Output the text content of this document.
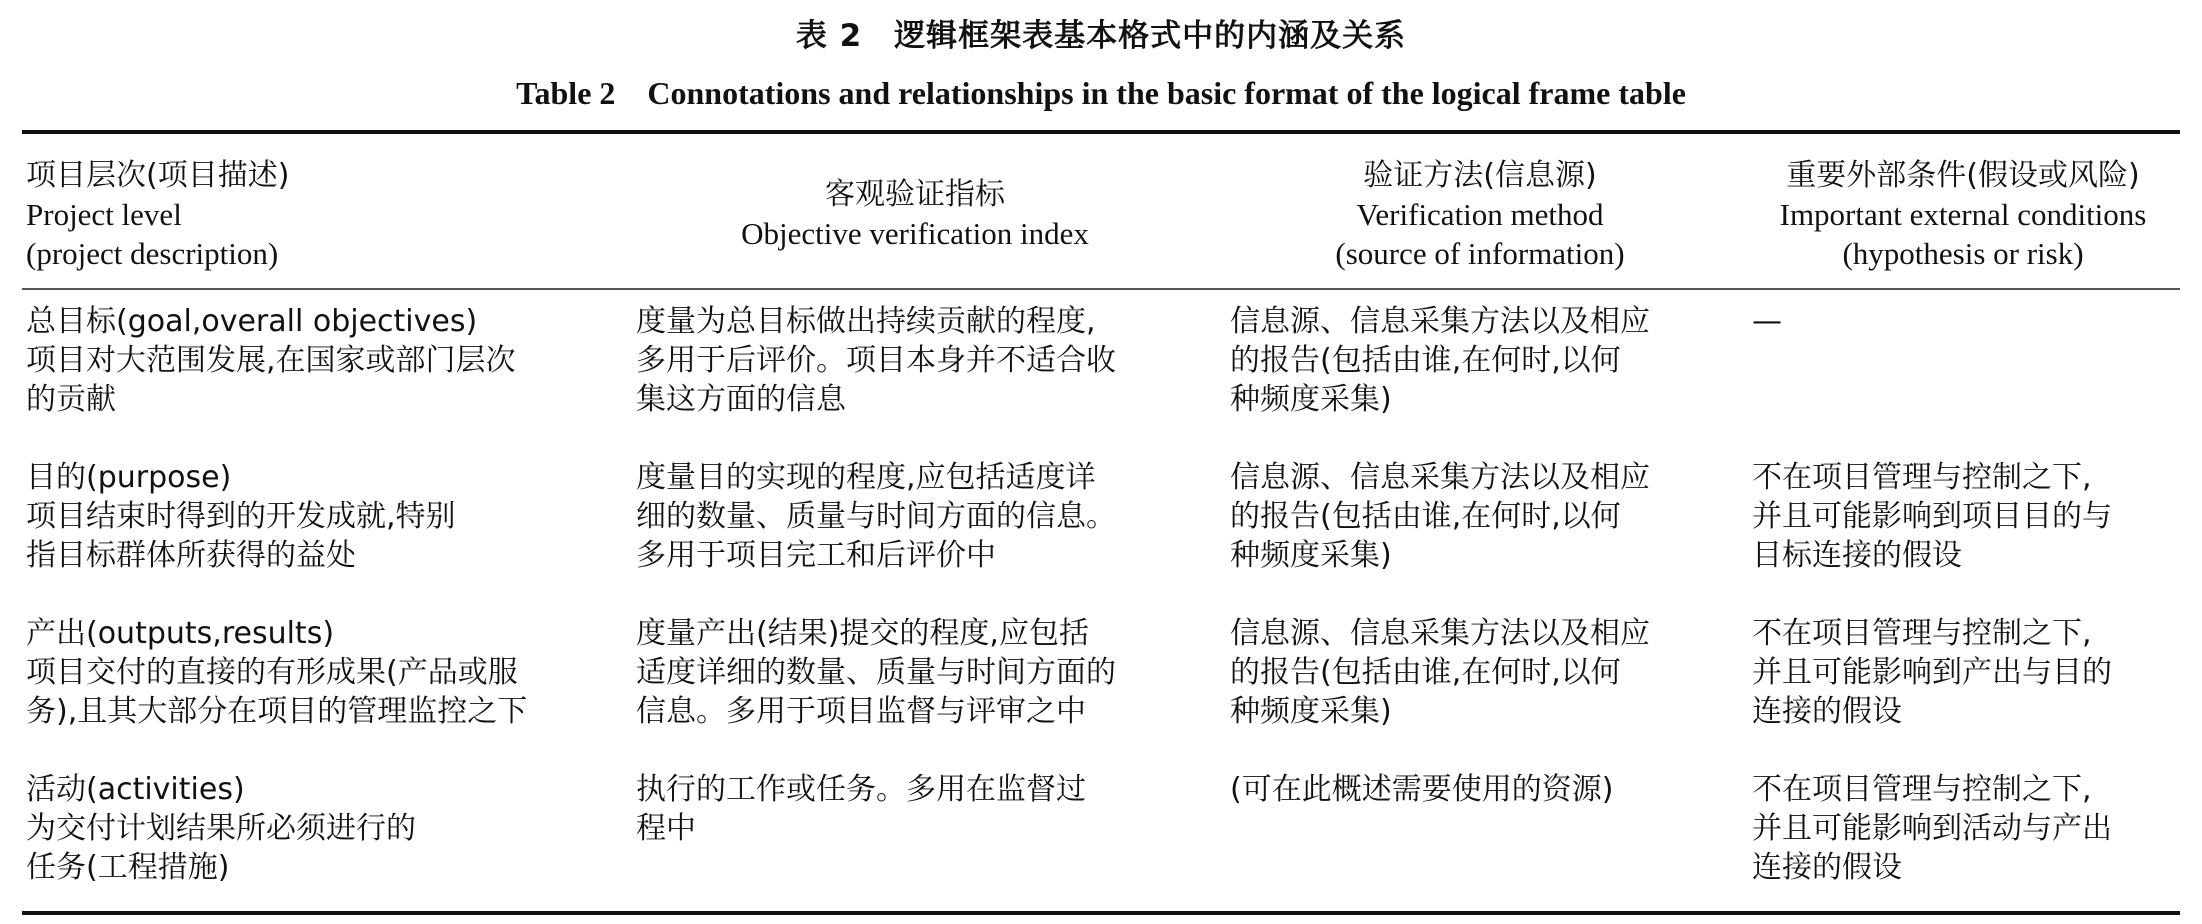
表 2　逻辑框架表基本格式中的内涵及关系
Table 2　Connotations and relationships in the basic format of the logical frame table
项目层次(项目描述)
Project level
(project description)
客观验证指标
Objective verification index
验证方法(信息源)
Verification method
(source of information)
重要外部条件(假设或风险)
Important external conditions
(hypothesis or risk)
总目标(goal,overall objectives)
项目对大范围发展,在国家或部门层次
的贡献
度量为总目标做出持续贡献的程度,
多用于后评价。项目本身并不适合收
集这方面的信息
信息源、信息采集方法以及相应
的报告(包括由谁,在何时,以何
种频度采集)
—
目的(purpose)
项目结束时得到的开发成就,特别
指目标群体所获得的益处
度量目的实现的程度,应包括适度详
细的数量、质量与时间方面的信息。
多用于项目完工和后评价中
信息源、信息采集方法以及相应
的报告(包括由谁,在何时,以何
种频度采集)
不在项目管理与控制之下,
并且可能影响到项目目的与
目标连接的假设
产出(outputs,results)
项目交付的直接的有形成果(产品或服
务),且其大部分在项目的管理监控之下
度量产出(结果)提交的程度,应包括
适度详细的数量、质量与时间方面的
信息。多用于项目监督与评审之中
信息源、信息采集方法以及相应
的报告(包括由谁,在何时,以何
种频度采集)
不在项目管理与控制之下,
并且可能影响到产出与目的
连接的假设
活动(activities)
为交付计划结果所必须进行的
任务(工程措施)
执行的工作或任务。多用在监督过
程中
(可在此概述需要使用的资源)	不在项目管理与控制之下,
并且可能影响到活动与产出
连接的假设
